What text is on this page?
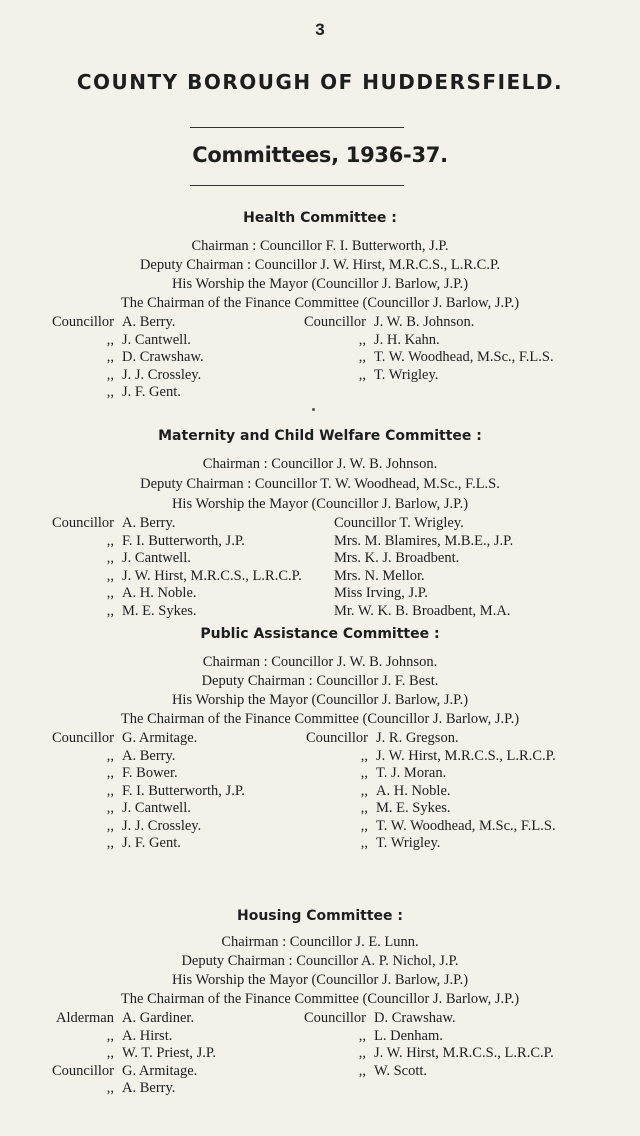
3
COUNTY BOROUGH OF HUDDERSFIELD.
Committees, 1936-37.
Health Committee :
Chairman : Councillor F. I. Butterworth, J.P.
Deputy Chairman : Councillor J. W. Hirst, M.R.C.S., L.R.C.P.
His Worship the Mayor (Councillor J. Barlow, J.P.)
The Chairman of the Finance Committee (Councillor J. Barlow, J.P.)
Councillor A. Berry.
,, J. Cantwell.
,, D. Crawshaw.
,, J. J. Crossley.
,, J. F. Gent.
Councillor J. W. B. Johnson.
,, J. H. Kahn.
,, T. W. Woodhead, M.Sc., F.L.S.
,, T. Wrigley.
Maternity and Child Welfare Committee :
Chairman : Councillor J. W. B. Johnson.
Deputy Chairman : Councillor T. W. Woodhead, M.Sc., F.L.S.
His Worship the Mayor (Councillor J. Barlow, J.P.)
Councillor A. Berry.
,, F. I. Butterworth, J.P.
,, J. Cantwell.
,, J. W. Hirst, M.R.C.S., L.R.C.P.
,, A. H. Noble.
,, M. E. Sykes.
Councillor T. Wrigley.
Mrs. M. Blamires, M.B.E., J.P.
Mrs. K. J. Broadbent.
Mrs. N. Mellor.
Miss Irving, J.P.
Mr. W. K. B. Broadbent, M.A.
Public Assistance Committee :
Chairman : Councillor J. W. B. Johnson.
Deputy Chairman : Councillor J. F. Best.
His Worship the Mayor (Councillor J. Barlow, J.P.)
The Chairman of the Finance Committee (Councillor J. Barlow, J.P.)
Councillor G. Armitage.
,, A. Berry.
,, F. Bower.
,, F. I. Butterworth, J.P.
,, J. Cantwell.
,, J. J. Crossley.
,, J. F. Gent.
Councillor J. R. Gregson.
,, J. W. Hirst, M.R.C.S., L.R.C.P.
,, T. J. Moran.
,, A. H. Noble.
,, M. E. Sykes.
,, T. W. Woodhead, M.Sc., F.L.S.
,, T. Wrigley.
Housing Committee :
Chairman : Councillor J. E. Lunn.
Deputy Chairman : Councillor A. P. Nichol, J.P.
His Worship the Mayor (Councillor J. Barlow, J.P.)
The Chairman of the Finance Committee (Councillor J. Barlow, J.P.)
Alderman A. Gardiner.
,, A. Hirst.
,, W. T. Priest, J.P.
Councillor G. Armitage.
,, A. Berry.
Councillor D. Crawshaw.
,, L. Denham.
,, J. W. Hirst, M.R.C.S., L.R.C.P.
,, W. Scott.
